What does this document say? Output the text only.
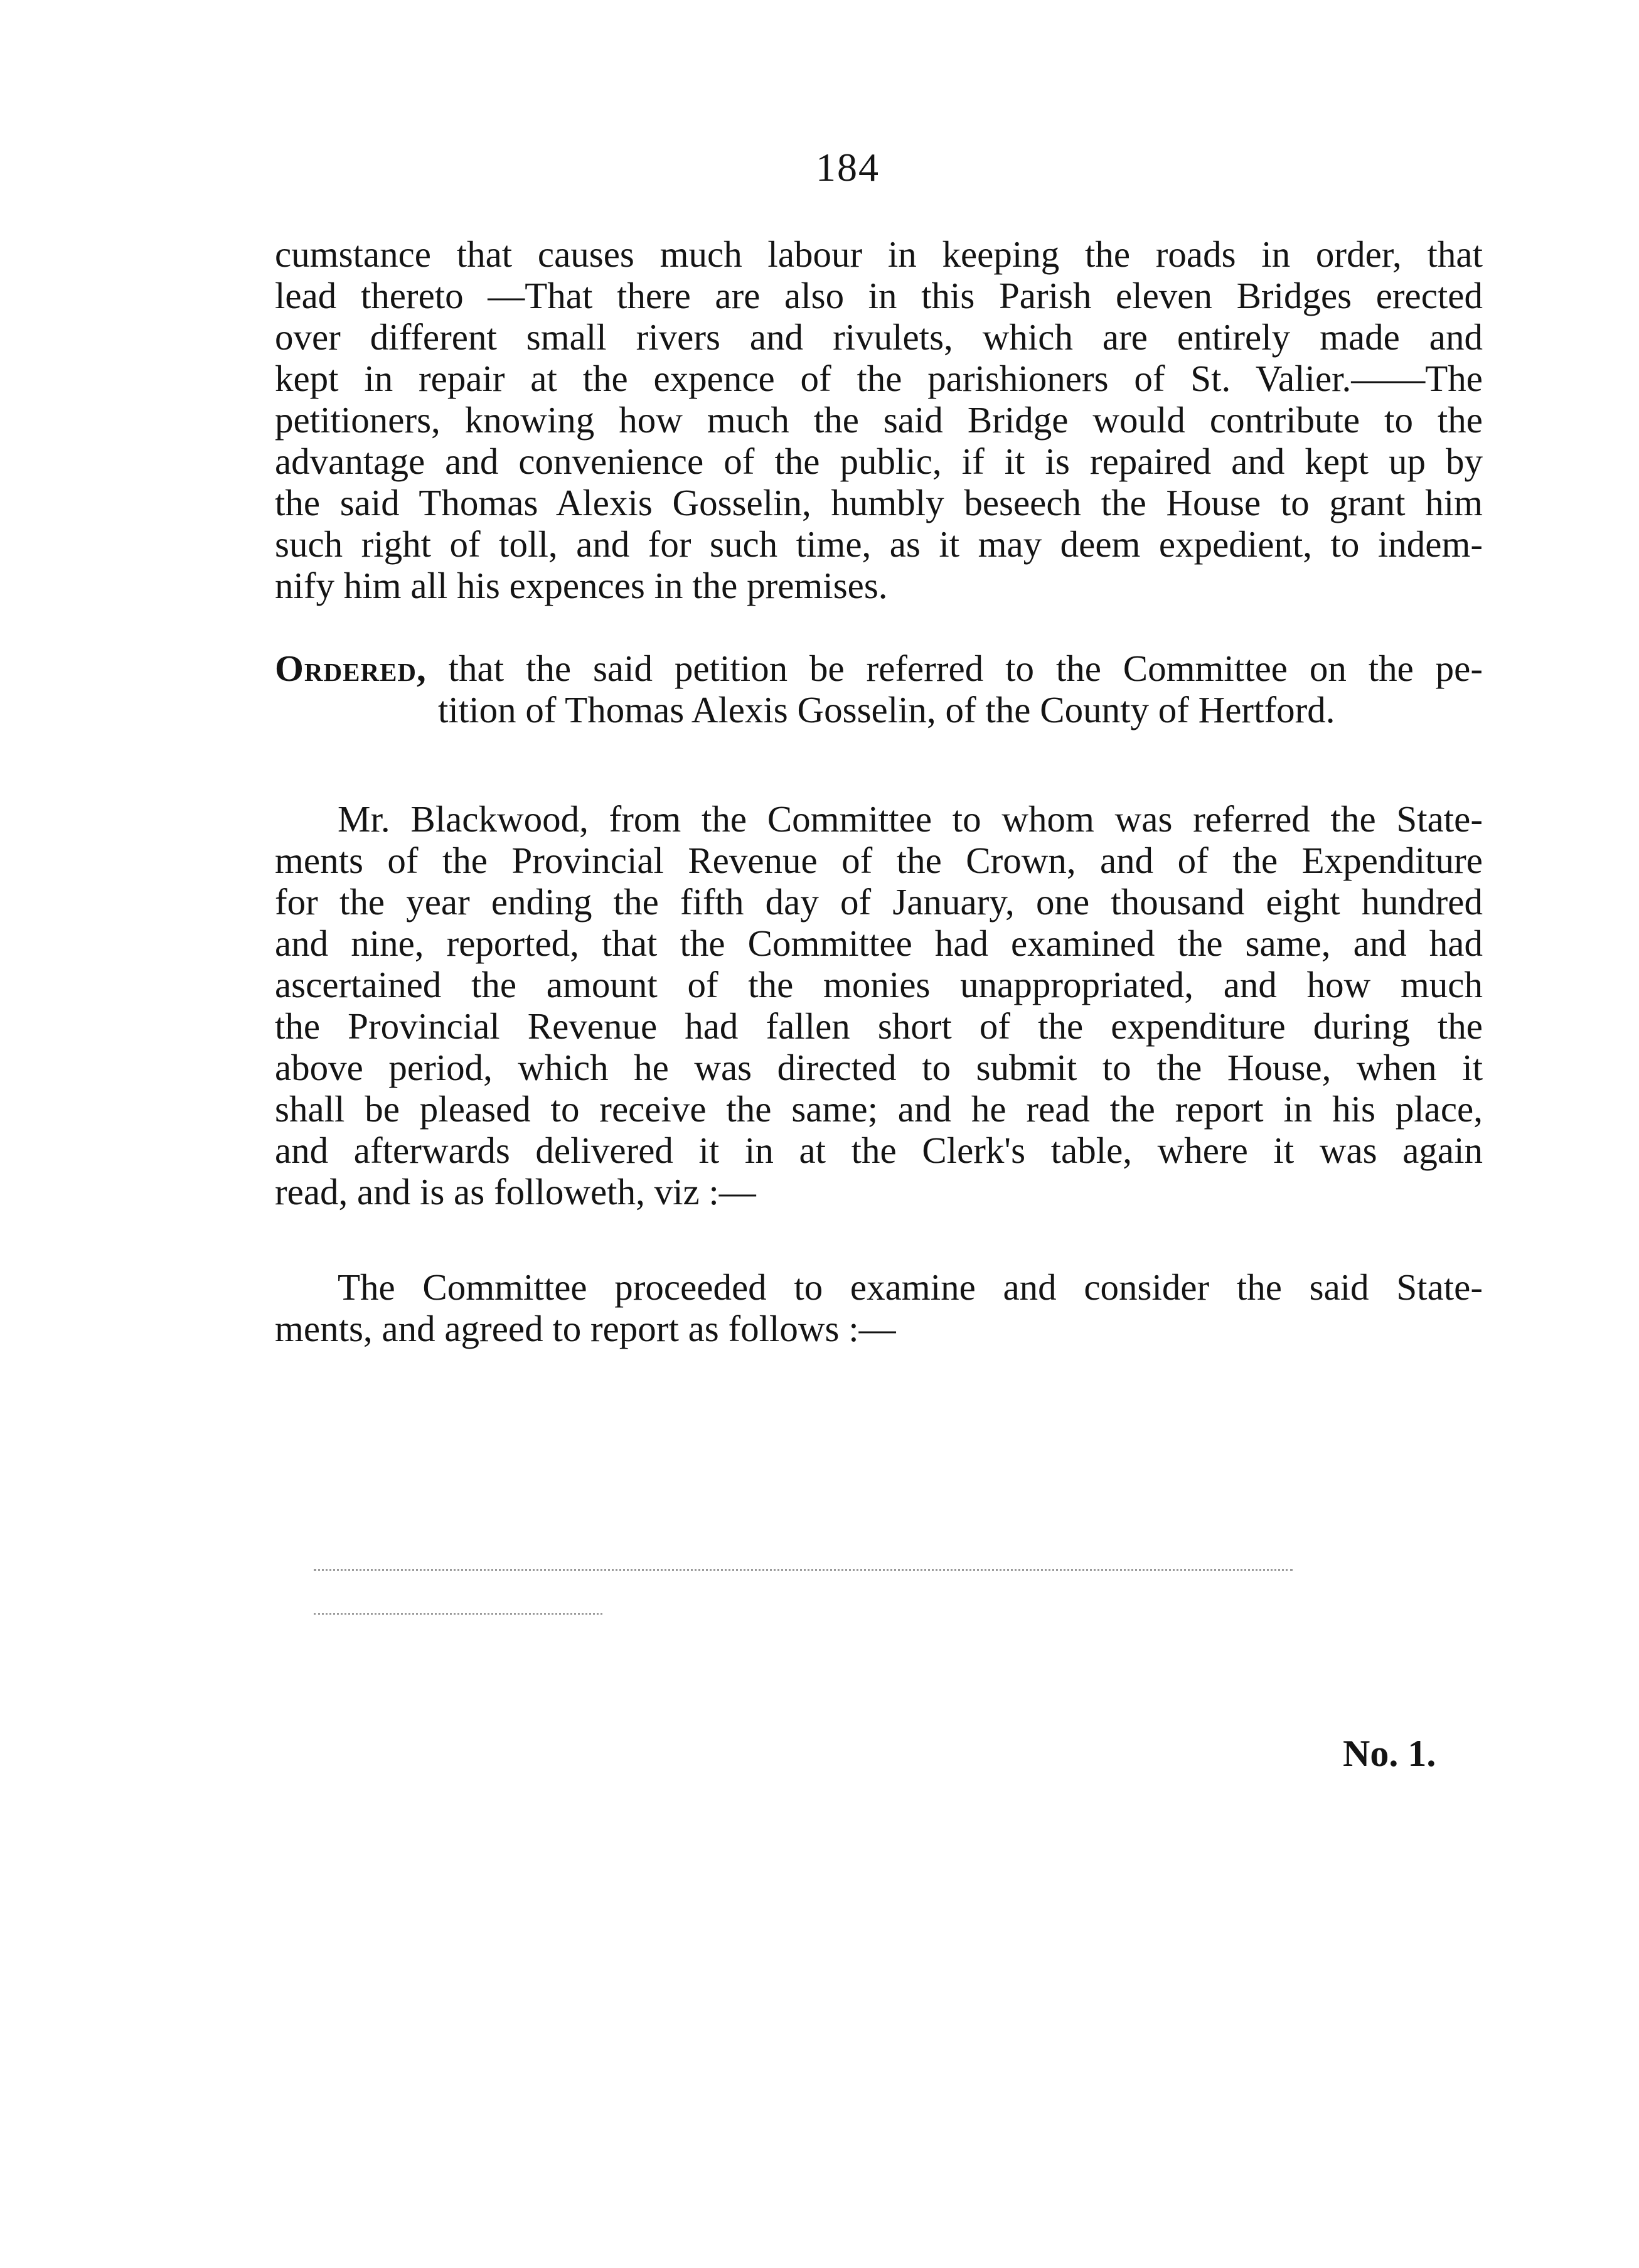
184
cumstance that causes much labour in keeping the roads in order, that
lead thereto —That there are also in this Parish eleven Bridges erected
over different small rivers and rivulets, which are entirely made and
kept in repair at the expence of the parishioners of St. Valier.——The
petitioners, knowing how much the said Bridge would contribute to the
advantage and convenience of the public, if it is repaired and kept up by
the said Thomas Alexis Gosselin, humbly beseech the House to grant him
such right of toll, and for such time, as it may deem expedient, to indem-
nify him all his expences in the premises.
Ordered, that the said petition be referred to the Committee on the pe-
tition of Thomas Alexis Gosselin, of the County of Hertford.
Mr. Blackwood, from the Committee to whom was referred the State-
ments of the Provincial Revenue of the Crown, and of the Expenditure
for the year ending the fifth day of January, one thousand eight hundred
and nine, reported, that the Committee had examined the same, and had
ascertained the amount of the monies unappropriated, and how much
the Provincial Revenue had fallen short of the expenditure during the
above period, which he was directed to submit to the House, when it
shall be pleased to receive the same; and he read the report in his place,
and afterwards delivered it in at the Clerk's table, where it was again
read, and is as followeth, viz :—
The Committee proceeded to examine and consider the said State-
ments, and agreed to report as follows :—
No. 1.
